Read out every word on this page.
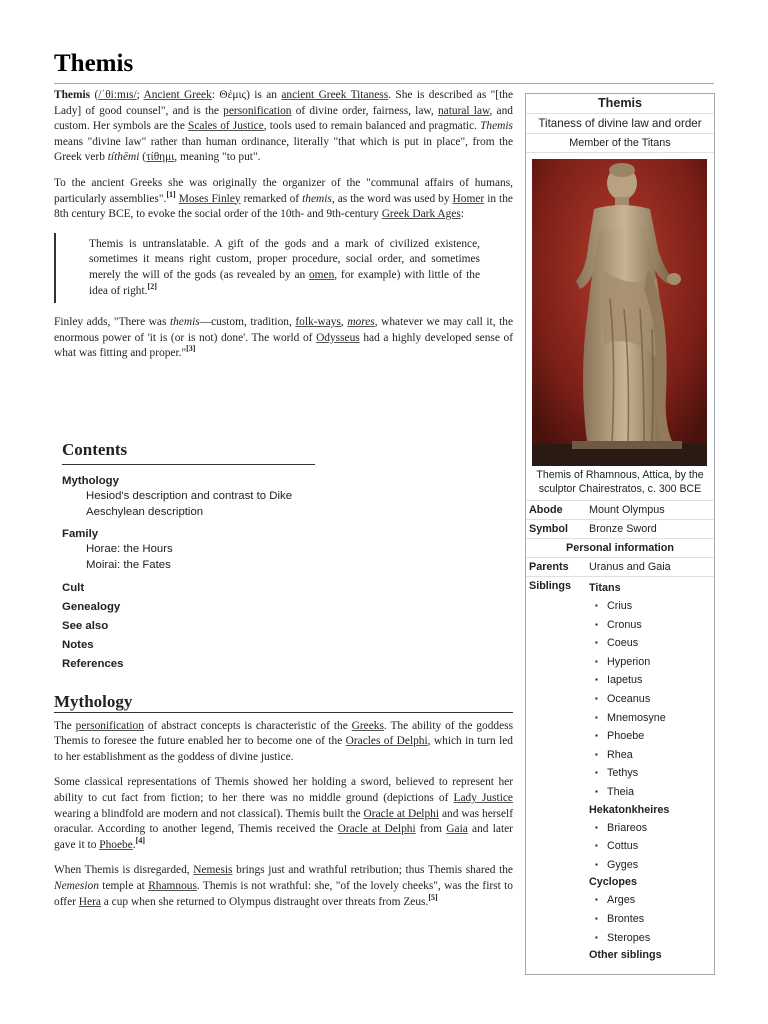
Themis

Themis (/ˈθiːmɪs/; Ancient Greek: Θέμις) is an ancient Greek Titaness. She is described as "[the Lady] of good counsel", and is the personification of divine order, fairness, law, natural law, and custom. Her symbols are the Scales of Justice, tools used to remain balanced and pragmatic. Themis means "divine law" rather than human ordinance, literally "that which is put in place", from the Greek verb títhēmi (τίθημι, meaning "to put".

To the ancient Greeks she was originally the organizer of the "communal affairs of humans, particularly assemblies".[1] Moses Finley remarked of themis, as the word was used by Homer in the 8th century BCE, to evoke the social order of the 10th- and 9th-century Greek Dark Ages:

Themis is untranslatable. A gift of the gods and a mark of civilized existence, sometimes it means right custom, proper procedure, social order, and sometimes merely the will of the gods (as revealed by an omen, for example) with little of the idea of right.[2]

Finley adds, "There was themis—custom, tradition, folk-ways, mores, whatever we may call it, the enormous power of 'it is (or is not) done'. The world of Odysseus had a highly developed sense of what was fitting and proper."[3]

Contents
Mythology
Hesiod's description and contrast to Dike
Aeschylean description
Family
Horae: the Hours
Moirai: the Fates
Cult
Genealogy
See also
Notes
References
Mythology

The personification of abstract concepts is characteristic of the Greeks. The ability of the goddess Themis to foresee the future enabled her to become one of the Oracles of Delphi, which in turn led to her establishment as the goddess of divine justice.

Some classical representations of Themis showed her holding a sword, believed to represent her ability to cut fact from fiction; to her there was no middle ground (depictions of Lady Justice wearing a blindfold are modern and not classical). Themis built the Oracle at Delphi and was herself oracular. According to another legend, Themis received the Oracle at Delphi from Gaia and later gave it to Phoebe.[4]

When Themis is disregarded, Nemesis brings just and wrathful retribution; thus Themis shared the Nemesion temple at Rhamnous. Themis is not wrathful: she, "of the lovely cheeks", was the first to offer Hera a cup when she returned to Olympus distraught over threats from Zeus.[5]

Themis
Titaness of divine law and order
Member of the Titans
Themis of Rhamnous, Attica, by the sculptor Chairestratos, c. 300 BCE
Abode	Mount Olympus
Symbol	Bronze Sword
Personal information
Parents	Uranus and Gaia
Siblings	Titans
▪ Crius
▪ Cronus
▪ Coeus
▪ Hyperion
▪ Iapetus
▪ Oceanus
▪ Mnemosyne
▪ Phoebe
▪ Rhea
▪ Tethys
▪ Theia
Hekatonkheires
▪ Briareos
▪ Cottus
▪ Gyges
Cyclopes
▪ Arges
▪ Brontes
▪ Steropes
Other siblings
